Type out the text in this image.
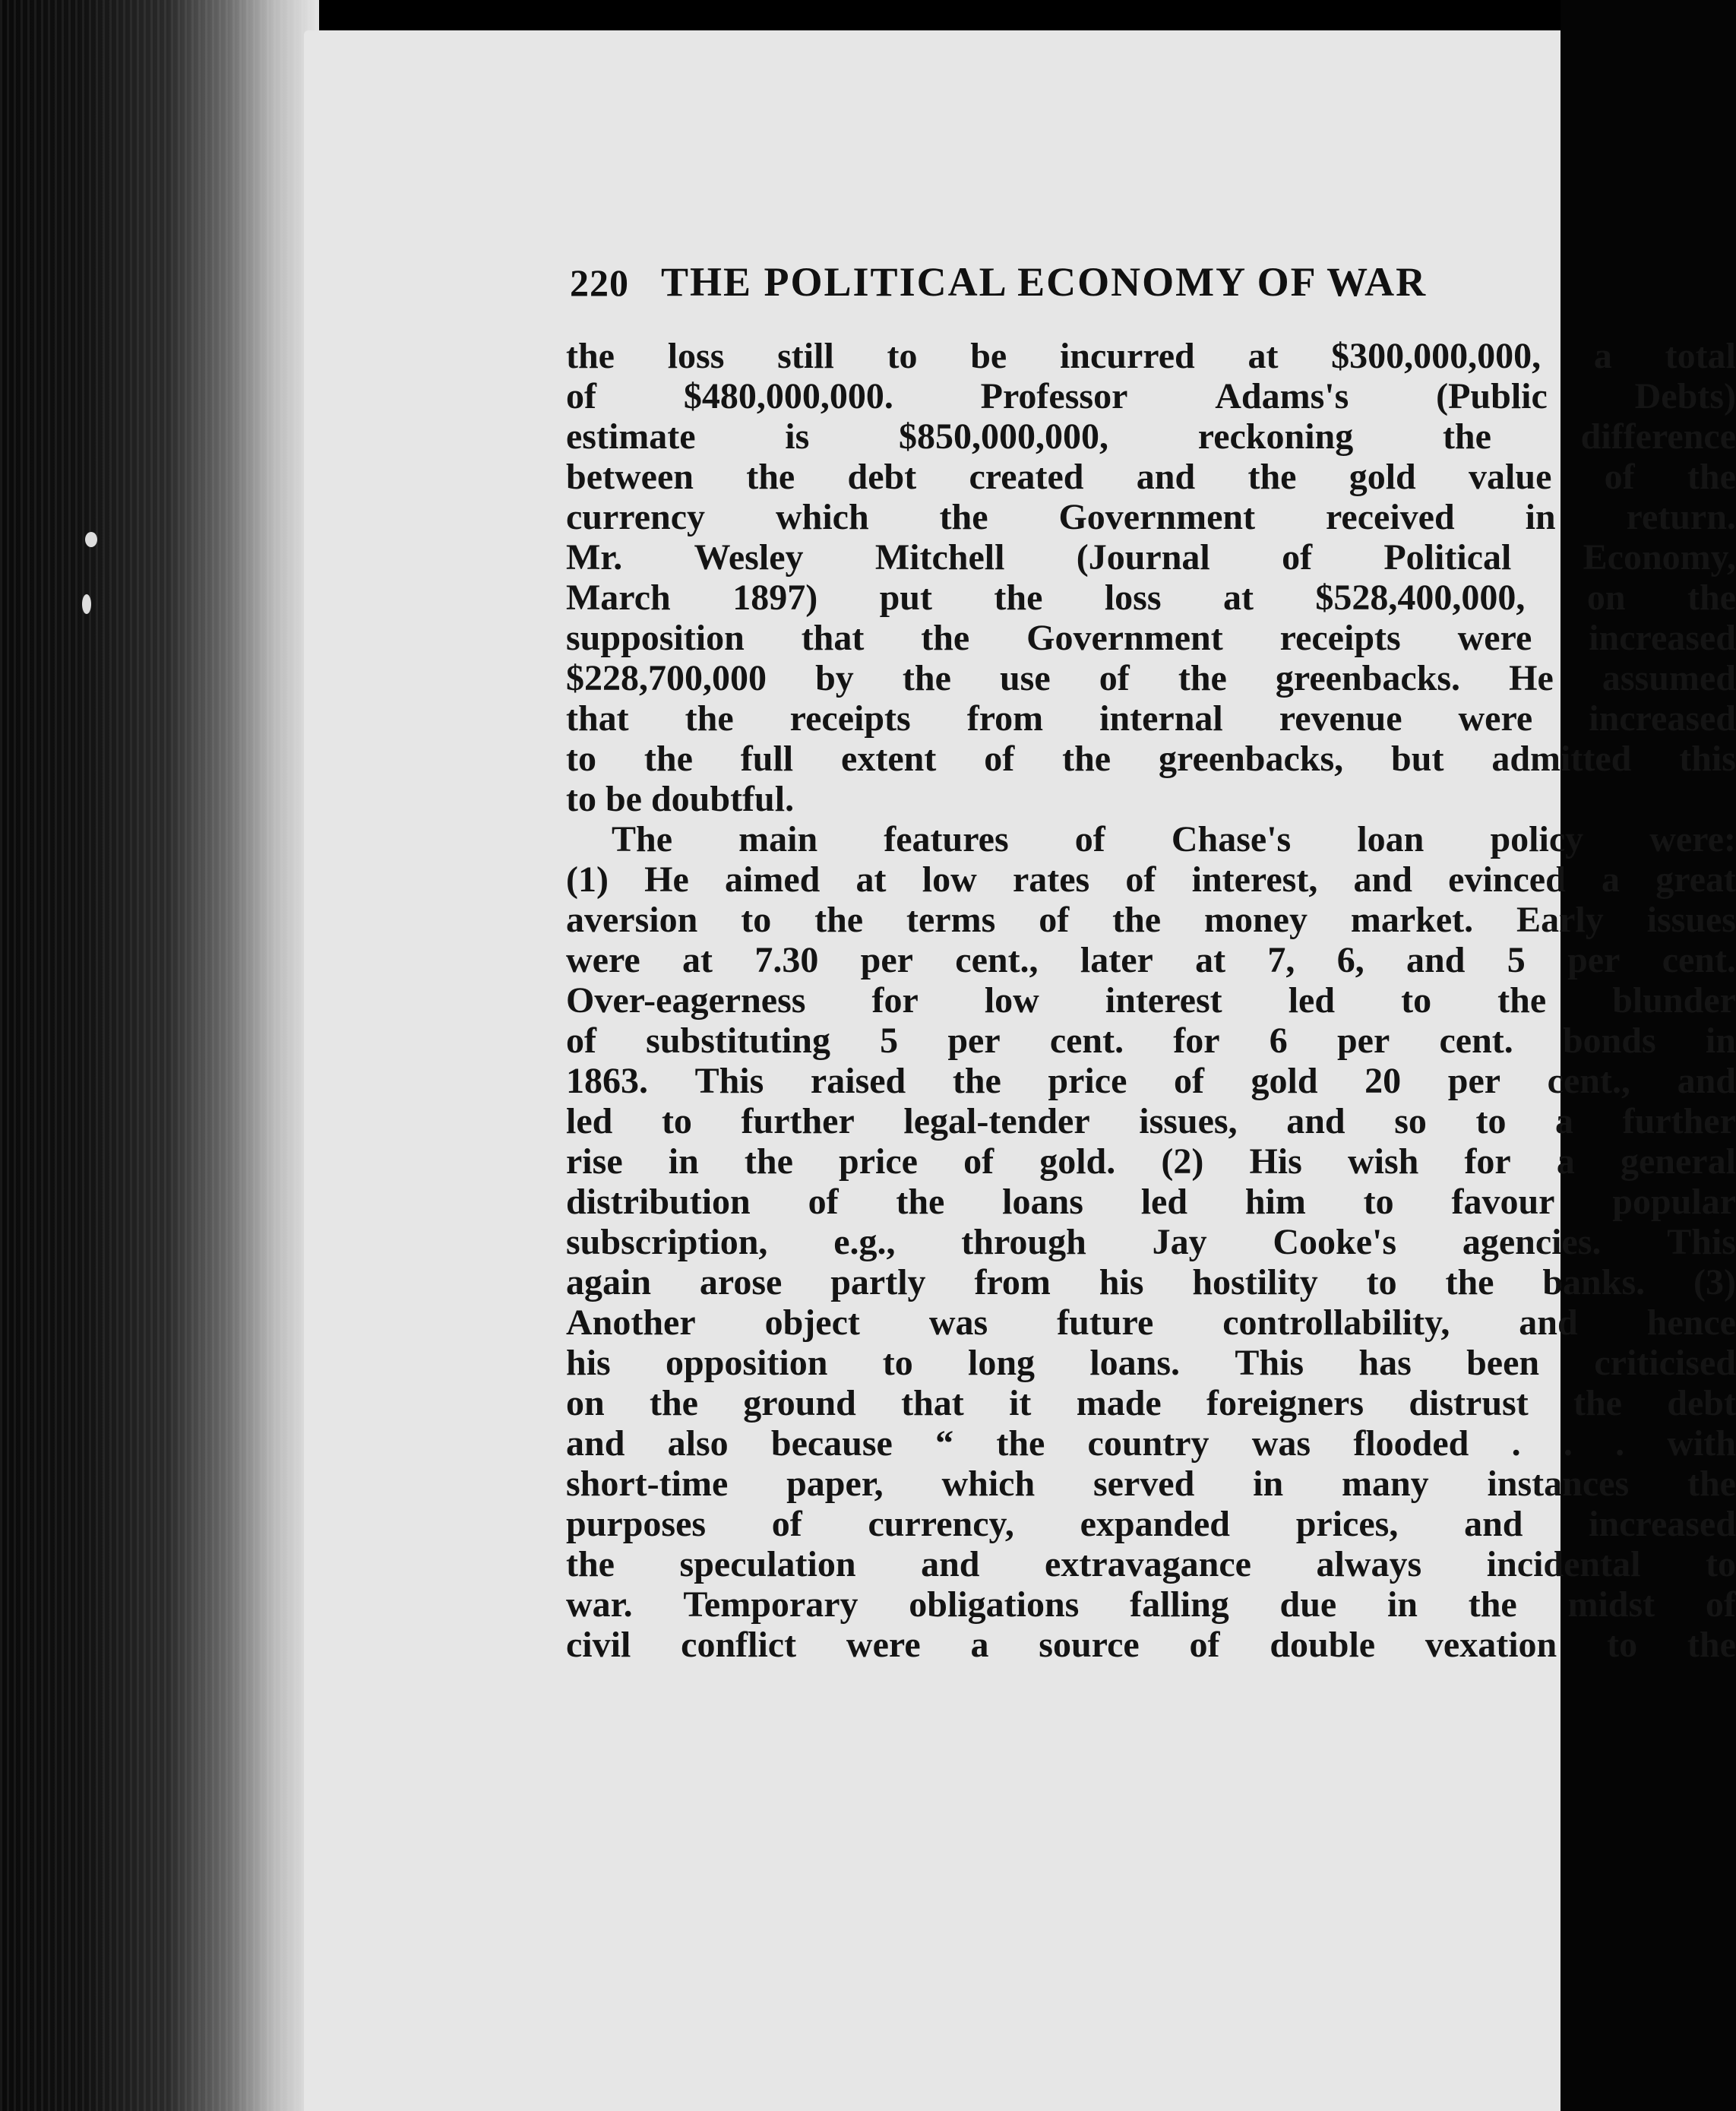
220 THE POLITICAL ECONOMY OF WAR
the loss still to be incurred at $300,000,000, a total
of $480,000,000. Professor Adams's (Public Debts)
estimate is $850,000,000, reckoning the difference
between the debt created and the gold value of the
currency which the Government received in return.
Mr. Wesley Mitchell (Journal of Political Economy,
March 1897) put the loss at $528,400,000, on the
supposition that the Government receipts were increased
$228,700,000 by the use of the greenbacks. He assumed
that the receipts from internal revenue were increased
to the full extent of the greenbacks, but admitted this
to be doubtful.
The main features of Chase's loan policy were:
(1) He aimed at low rates of interest, and evinced a great
aversion to the terms of the money market. Early issues
were at 7.30 per cent., later at 7, 6, and 5 per cent.
Over-eagerness for low interest led to the blunder
of substituting 5 per cent. for 6 per cent. bonds in
1863. This raised the price of gold 20 per cent., and
led to further legal-tender issues, and so to a further
rise in the price of gold. (2) His wish for a general
distribution of the loans led him to favour popular
subscription, e.g., through Jay Cooke's agencies. This
again arose partly from his hostility to the banks. (3)
Another object was future controllability, and hence
his opposition to long loans. This has been criticised
on the ground that it made foreigners distrust the debt
and also because “ the country was flooded . . . with
short-time paper, which served in many instances the
purposes of currency, expanded prices, and increased
the speculation and extravagance always incidental to
war. Temporary obligations falling due in the midst of
civil conflict were a source of double vexation to the
